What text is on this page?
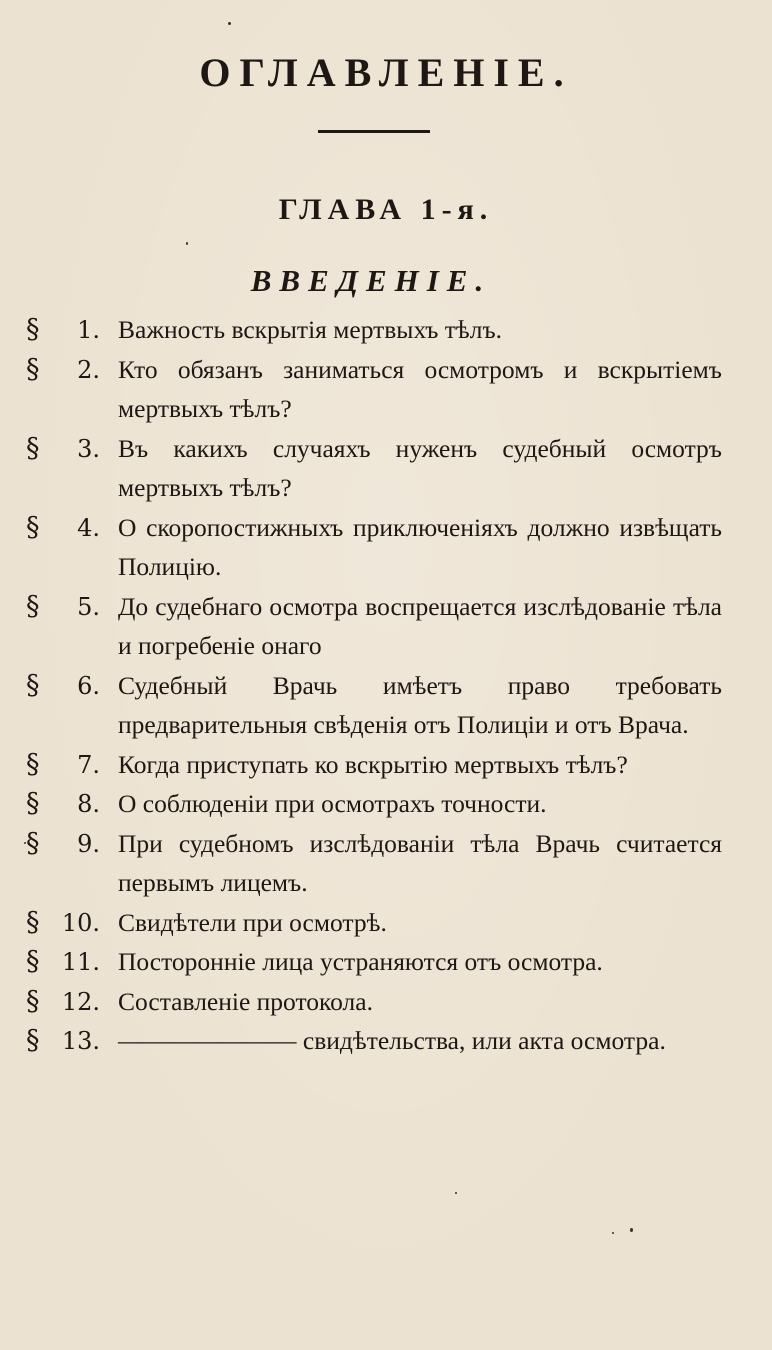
ОГЛАВЛЕНІЕ.
ГЛАВА 1-я.
ВВЕДЕНІЕ.
§	1. Важность вскрытія мертвыхъ тѣлъ.
§	2. Кто обязанъ заниматься осмотромъ и вскрытіемъ мертвыхъ тѣлъ?
§	3. Въ какихъ случаяхъ нуженъ судебный осмотръ мертвыхъ тѣлъ?
§	4. О скоропостижныхъ приключеніяхъ должно извѣщать Полицію.
§	5. До судебнаго осмотра воспрещается изслѣдованіе тѣла и погребеніе онаго
§	6. Судебный Врачь имѣетъ право требовать предварительныя свѣденія отъ Полиціи и отъ Врача.
§	7. Когда приступать ко вскрытію мертвыхъ тѣлъ?
§	8. О соблюденіи при осмотрахъ точности.
§	9. При судебномъ изслѣдованіи тѣла Врачь считается первымъ лицемъ.
§ 10. Свидѣтели при осмотрѣ.
§ 11. Посторонніе лица устраняются отъ осмотра.
§ 12. Составленіе протокола.
§ 13. ——————— свидѣтельства, или акта осмотра.
